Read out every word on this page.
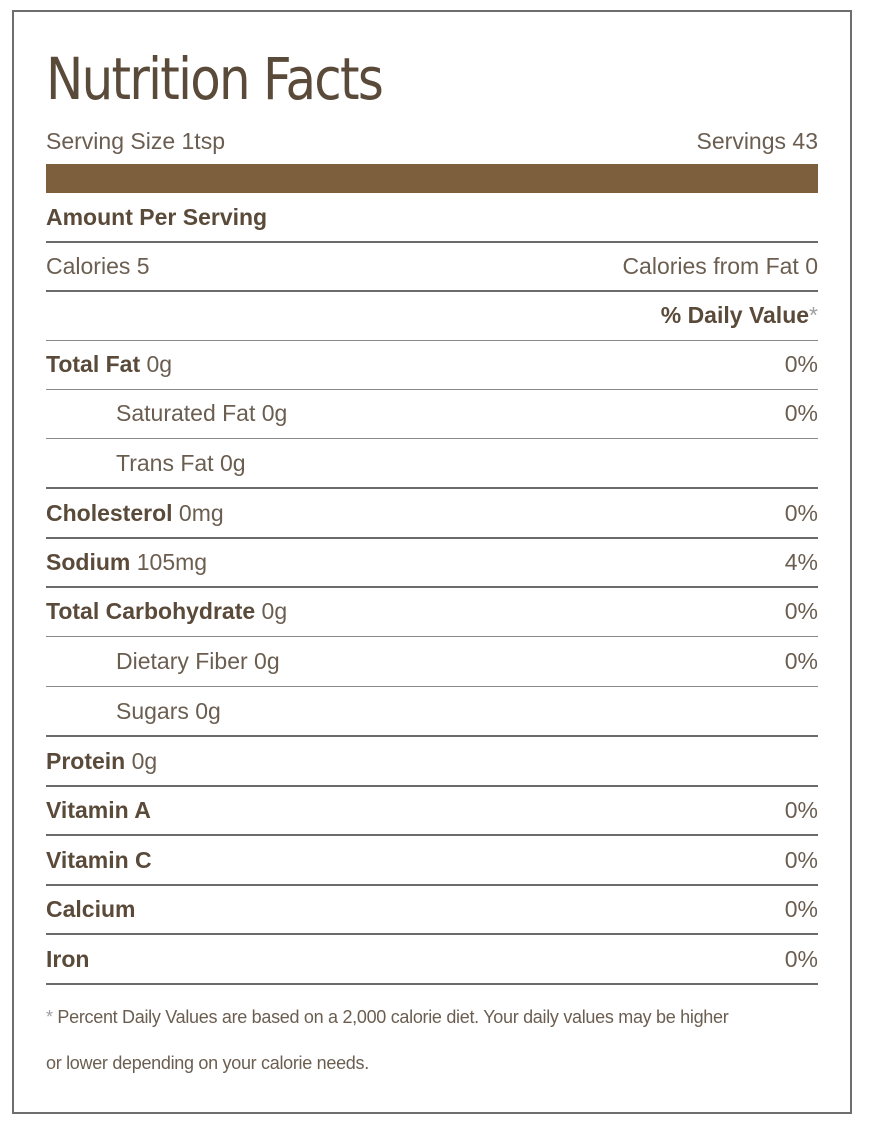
Nutrition Facts
Serving Size 1tsp	Servings 43
Amount Per Serving
Calories 5	Calories from Fat 0
% Daily Value*
Total Fat 0g	0%
Saturated Fat 0g	0%
Trans Fat 0g
Cholesterol 0mg	0%
Sodium 105mg	4%
Total Carbohydrate 0g	0%
Dietary Fiber 0g	0%
Sugars 0g
Protein 0g
Vitamin A	0%
Vitamin C	0%
Calcium	0%
Iron	0%
* Percent Daily Values are based on a 2,000 calorie diet. Your daily values may be higher
or lower depending on your calorie needs.
